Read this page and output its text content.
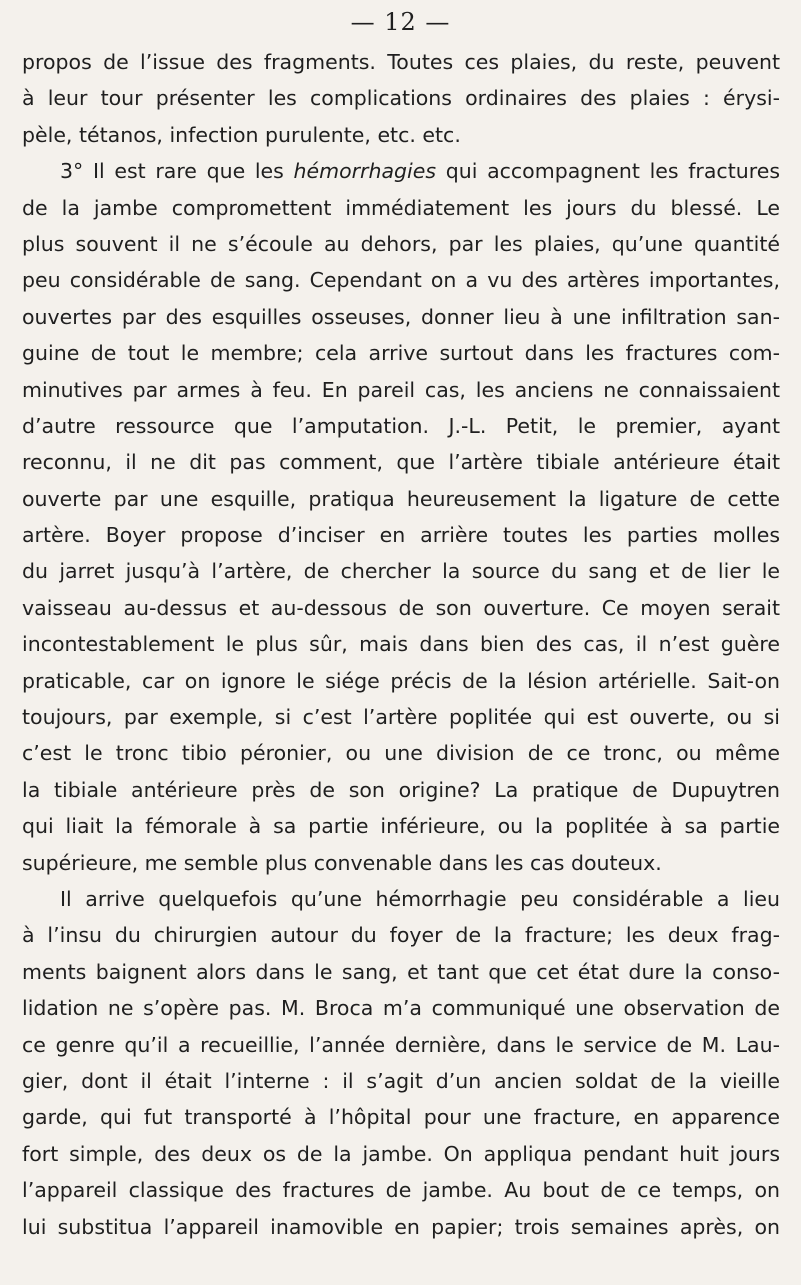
— 12 —
propos de l’issue des fragments. Toutes ces plaies, du reste, peuvent
à leur tour présenter les complications ordinaires des plaies : érysi-
pèle, tétanos, infection purulente, etc. etc.
3° Il est rare que les hémorrhagies qui accompagnent les fractures
de la jambe compromettent immédiatement les jours du blessé. Le
plus souvent il ne s’écoule au dehors, par les plaies, qu’une quantité
peu considérable de sang. Cependant on a vu des artères importantes,
ouvertes par des esquilles osseuses, donner lieu à une infiltration san-
guine de tout le membre; cela arrive surtout dans les fractures com-
minutives par armes à feu. En pareil cas, les anciens ne connaissaient
d’autre ressource que l’amputation. J.-L. Petit, le premier, ayant
reconnu, il ne dit pas comment, que l’artère tibiale antérieure était
ouverte par une esquille, pratiqua heureusement la ligature de cette
artère. Boyer propose d’inciser en arrière toutes les parties molles
du jarret jusqu’à l’artère, de chercher la source du sang et de lier le
vaisseau au-dessus et au-dessous de son ouverture. Ce moyen serait
incontestablement le plus sûr, mais dans bien des cas, il n’est guère
praticable, car on ignore le siége précis de la lésion artérielle. Sait-on
toujours, par exemple, si c’est l’artère poplitée qui est ouverte, ou si
c’est le tronc tibio péronier, ou une division de ce tronc, ou même
la tibiale antérieure près de son origine? La pratique de Dupuytren
qui liait la fémorale à sa partie inférieure, ou la poplitée à sa partie
supérieure, me semble plus convenable dans les cas douteux.
Il arrive quelquefois qu’une hémorrhagie peu considérable a lieu
à l’insu du chirurgien autour du foyer de la fracture; les deux frag-
ments baignent alors dans le sang, et tant que cet état dure la conso-
lidation ne s’opère pas. M. Broca m’a communiqué une observation de
ce genre qu’il a recueillie, l’année dernière, dans le service de M. Lau-
gier, dont il était l’interne : il s’agit d’un ancien soldat de la vieille
garde, qui fut transporté à l’hôpital pour une fracture, en apparence
fort simple, des deux os de la jambe. On appliqua pendant huit jours
l’appareil classique des fractures de jambe. Au bout de ce temps, on
lui substitua l’appareil inamovible en papier; trois semaines après, on
